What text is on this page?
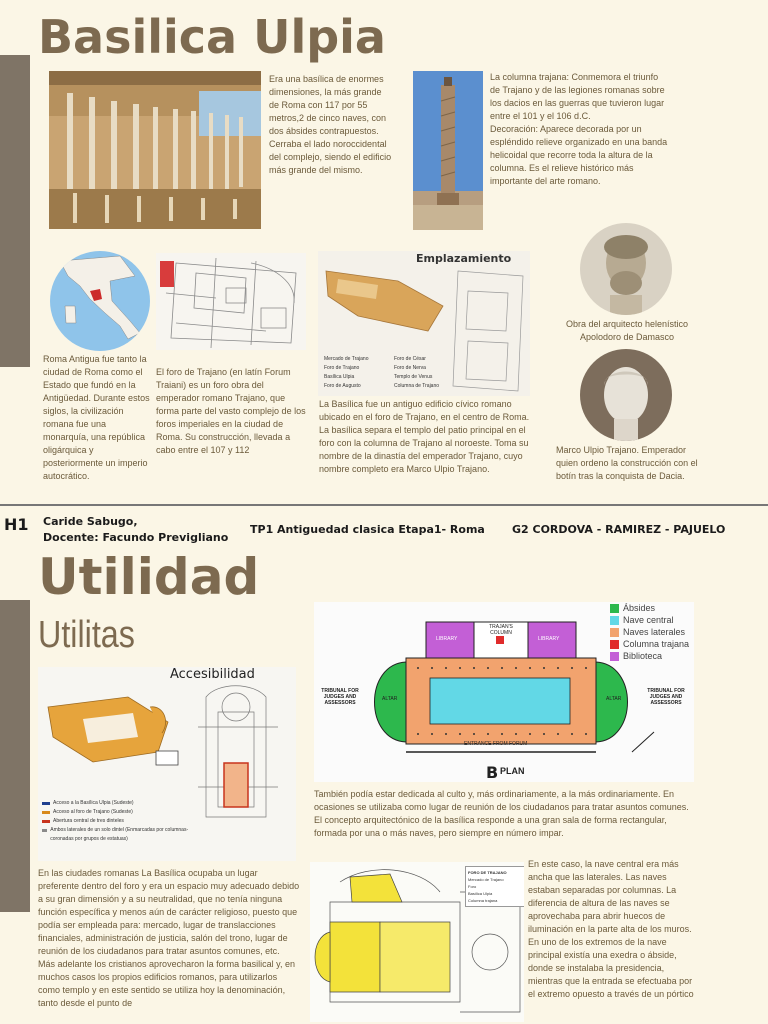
Basilica Ulpia

Era una basílica de enormes dimensiones, la más grande de Roma con 117 por 55 metros,2 de cinco naves, con dos ábsides contrapuestos. Cerraba el lado noroccidental del complejo, siendo el edificio más grande del mismo.

La columna trajana: Conmemora el triunfo de Trajano y de las legiones romanas sobre los dacios en las guerras que tuvieron lugar entre el 101 y el 106 d.C.
Decoración: Aparece decorada por un espléndido relieve organizado en una banda helicoidal que recorre toda la altura de la columna. Es el relieve histórico más importante del arte romano.

Emplazamiento
Mercado de Trajano	Foro de César
Foro de Trajano	Foro de Nerva
Basílica Ulpia	Templo de Venus
Foro de Augusto	Columna de Trajano

Obra del arquitecto helenístico Apolodoro de Damasco

Marco Ulpio Trajano. Emperador quien ordeno la construcción con el botín tras la conquista de Dacia.

Roma Antigua fue tanto la ciudad de Roma como el Estado que fundó en la Antigüedad. Durante estos siglos, la civilización romana fue una monarquía, una república oligárquica y posteriormente un imperio autocrático.

El foro de Trajano (en latín Forum Traiani) es un foro obra del emperador romano Trajano, que forma parte del vasto complejo de los foros imperiales en la ciudad de Roma. Su construcción, llevada a cabo entre el 107 y 112

La Basílica fue un antiguo edificio cívico romano ubicado en el foro de Trajano, en el centro de Roma. La basílica separa el templo del patio principal en el foro con la columna de Trajano al noroeste. Toma su nombre de la dinastía del emperador Trajano, cuyo nombre completo era Marco Ulpio Trajano.

H1 Caride Sabugo,
Docente: Facundo Previgliano
TP1 Antiguedad clasica Etapa1- Roma G2 CORDOVA - RAMIREZ - PAJUELO
Utilidad
Utilitas
Accesibilidad
Acceso a la Basílica Ulpia (Sudeste)
Acceso al foro de Trajano (Sudeste)
Abertura central de tres dinteles
Ambos laterales de un solo dintel (Enmarcadas por columnas-coronadas por grupos de estatuas)
B
LIBRARY	LIBRARY
TRAJAN'S COLUMN
TRIBUNAL FOR JUDGES AND ASSESSORS
TRIBUNAL FOR JUDGES AND ASSESSORS
ALTAR	ALTAR
ENTRANCE FROM FORUM
PLAN
Ábsides
Nave central
Naves laterales
Columna trajana
Biblioteca

También podía estar dedicada al culto y, más ordinariamente, a la más ordinariamente. En ocasiones se utilizaba como lugar de reunión de los ciudadanos para tratar asuntos comunes. El concepto arquitectónico de la basílica responde a una gran sala de forma rectangular, formada por una o más naves, pero siempre en número impar.

En las ciudades romanas La Basílica ocupaba un lugar preferente dentro del foro y era un espacio muy adecuado debido a su gran dimensión y a su neutralidad, que no tenía ninguna función específica y menos aún de carácter religioso, puesto que podía ser empleada para: mercado, lugar de translacciones financiales, administración de justicia, salón del trono, lugar de reunión de los ciudadanos para tratar asuntos comunes, etc.
Más adelante los cristianos aprovecharon la forma basilical y, en muchos casos los propios edificios romanos, para utilizarlos como templo y en este sentido se utiliza hoy la denominación, tanto desde el punto de

FORO DE TRAJANO
Mercado de Trajano
Foro
Basílica Ulpia
Columna trajana

En este caso, la nave central era más ancha que las laterales. Las naves estaban separadas por columnas. La diferencia de altura de las naves se aprovechaba para abrir huecos de iluminación en la parte alta de los muros. En uno de los extremos de la nave principal existía una exedra o ábside, donde se instalaba la presidencia, mientras que la entrada se efectuaba por el extremo opuesto a través de un pórtico
